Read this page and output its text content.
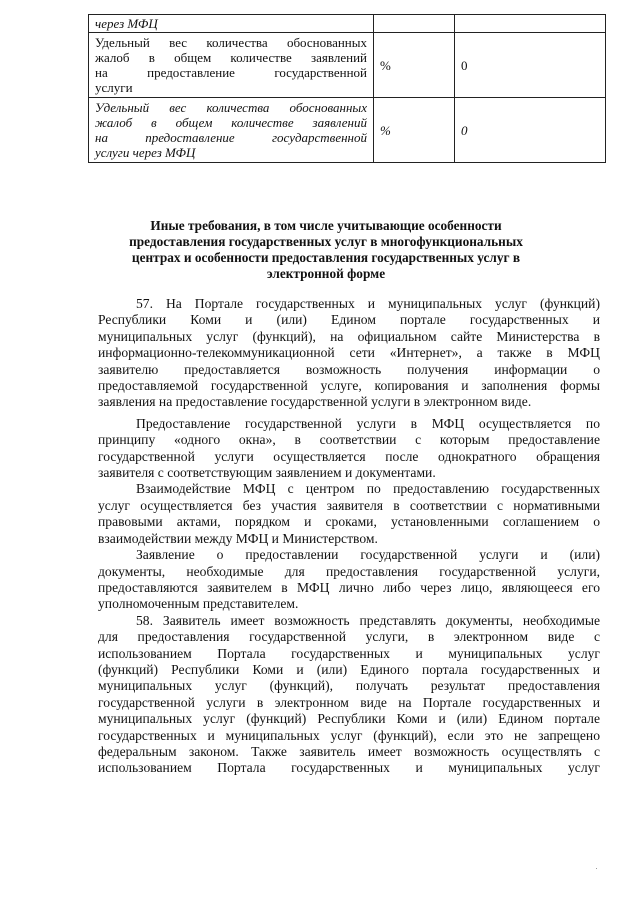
через МФЦ		

Удельный вес количества обоснованных
жалоб в общем количестве заявлений
на предоставление государственной
услуги	%	0

Удельный вес количества обоснованных
жалоб в общем количестве заявлений
на предоставление государственной
услуги через МФЦ	%	0
Иные требования, в том числе учитывающие особенности
предоставления государственных услуг в многофункциональных
центрах и особенности предоставления государственных услуг в
электронной форме
57. На Портале государственных и муниципальных услуг (функций)
Республики Коми и (или) Едином портале государственных и
муниципальных услуг (функций), на официальном сайте Министерства в
информационно-телекоммуникационной сети «Интернет», а также в МФЦ
заявителю предоставляется возможность получения информации о
предоставляемой государственной услуге, копирования и заполнения формы
заявления на предоставление государственной услуги в электронном виде.
Предоставление государственной услуги в МФЦ осуществляется по
принципу «одного окна», в соответствии с которым предоставление
государственной услуги осуществляется после однократного обращения
заявителя с соответствующим заявлением и документами.
Взаимодействие МФЦ с центром по предоставлению государственных
услуг осуществляется без участия заявителя в соответствии с нормативными
правовыми актами, порядком и сроками, установленными соглашением о
взаимодействии между МФЦ и Министерством.
Заявление о предоставлении государственной услуги и (или)
документы, необходимые для предоставления государственной услуги,
предоставляются заявителем в МФЦ лично либо через лицо, являющееся его
уполномоченным представителем.
58. Заявитель имеет возможность представлять документы, необходимые
для предоставления государственной услуги, в электронном виде с
использованием Портала государственных и муниципальных услуг
(функций) Республики Коми и (или) Единого портала государственных и
муниципальных услуг (функций), получать результат предоставления
государственной услуги в электронном виде на Портале государственных и
муниципальных услуг (функций) Республики Коми и (или) Едином портале
государственных и муниципальных услуг (функций), если это не запрещено
федеральным законом. Также заявитель имеет возможность осуществлять с
использованием Портала государственных и муниципальных услуг
